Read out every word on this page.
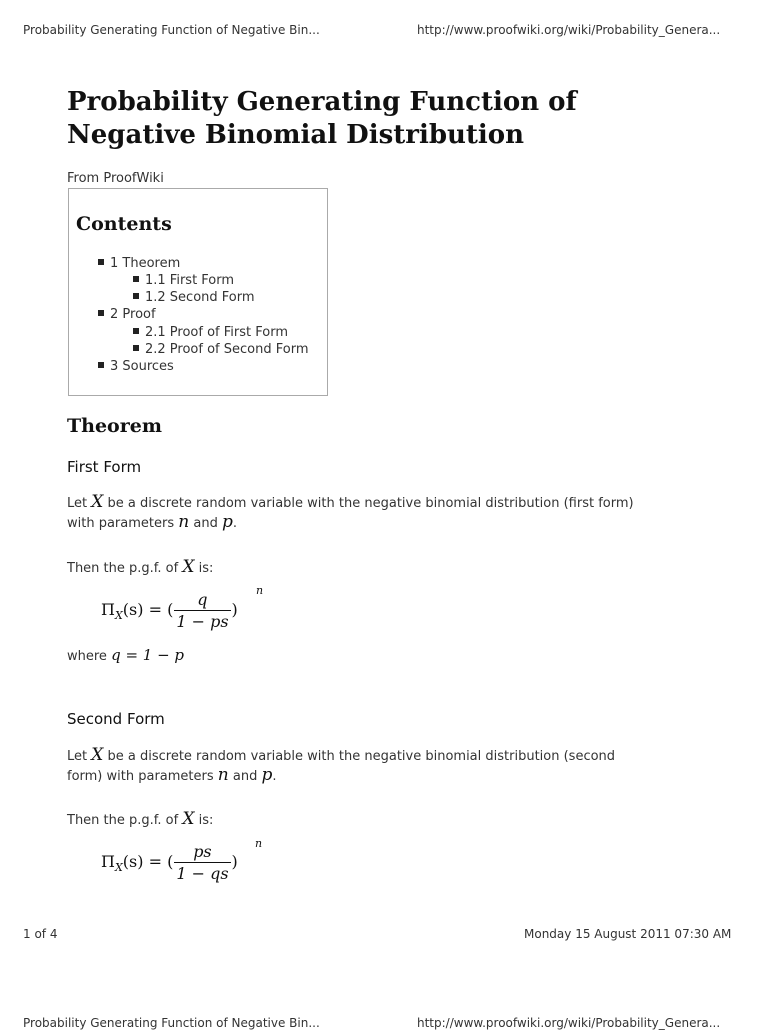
Probability Generating Function of Negative Bin...	http://www.proofwiki.org/wiki/Probability_Genera...
Probability Generating Function of
Negative Binomial Distribution
From ProofWiki
Contents
1 Theorem
1.1 First Form
1.2 Second Form
2 Proof
2.1 Proof of First Form
2.2 Proof of Second Form
3 Sources
Theorem
First Form
Let X be a discrete random variable with the negative binomial distribution (first form)
with parameters n and p.
Then the p.g.f. of X is:
$\Pi_X(s)$ = ( $\frac{q}{1 - ps}$ )
n
where q = 1 − p
Second Form
Let X be a discrete random variable with the negative binomial distribution (second
form) with parameters n and p.
Then the p.g.f. of X is:
$\Pi_X(s)$ = ( $\frac{ps}{1 - qs}$ )
n
1 of 4	Monday 15 August 2011 07:30 AM
Probability Generating Function of Negative Bin...	http://www.proofwiki.org/wiki/Probability_Genera...
